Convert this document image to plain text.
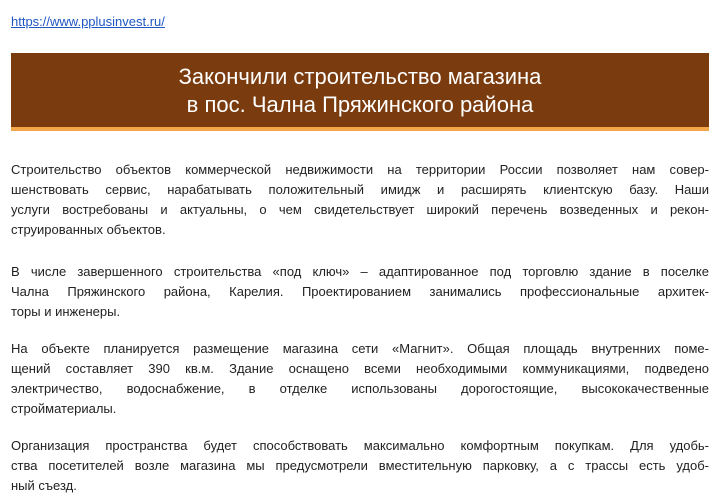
https://www.pplusinvest.ru/
Закончили строительство магазина
в пос. Чална Пряжинского района
Строительство объектов коммерческой недвижимости на территории России позволяет нам совер-
шенствовать сервис, нарабатывать положительный имидж и расширять клиентскую базу. Наши
услуги востребованы и актуальны, о чем свидетельствует широкий перечень возведенных и рекон-
струированных объектов.
В числе завершенного строительства «под ключ» – адаптированное под торговлю здание в поселке
Чална Пряжинского района, Карелия. Проектированием занимались профессиональные архитек-
торы и инженеры.
На объекте планируется размещение магазина сети «Магнит». Общая площадь внутренних поме-
щений составляет 390 кв.м. Здание оснащено всеми необходимыми коммуникациями, подведено
электричество, водоснабжение, в отделке использованы дорогостоящие, высококачественные
стройматериалы.
Организация пространства будет способствовать максимально комфортным покупкам. Для удобь-
ства посетителей возле магазина мы предусмотрели вместительную парковку, а с трассы есть удоб-
ный съезд.
